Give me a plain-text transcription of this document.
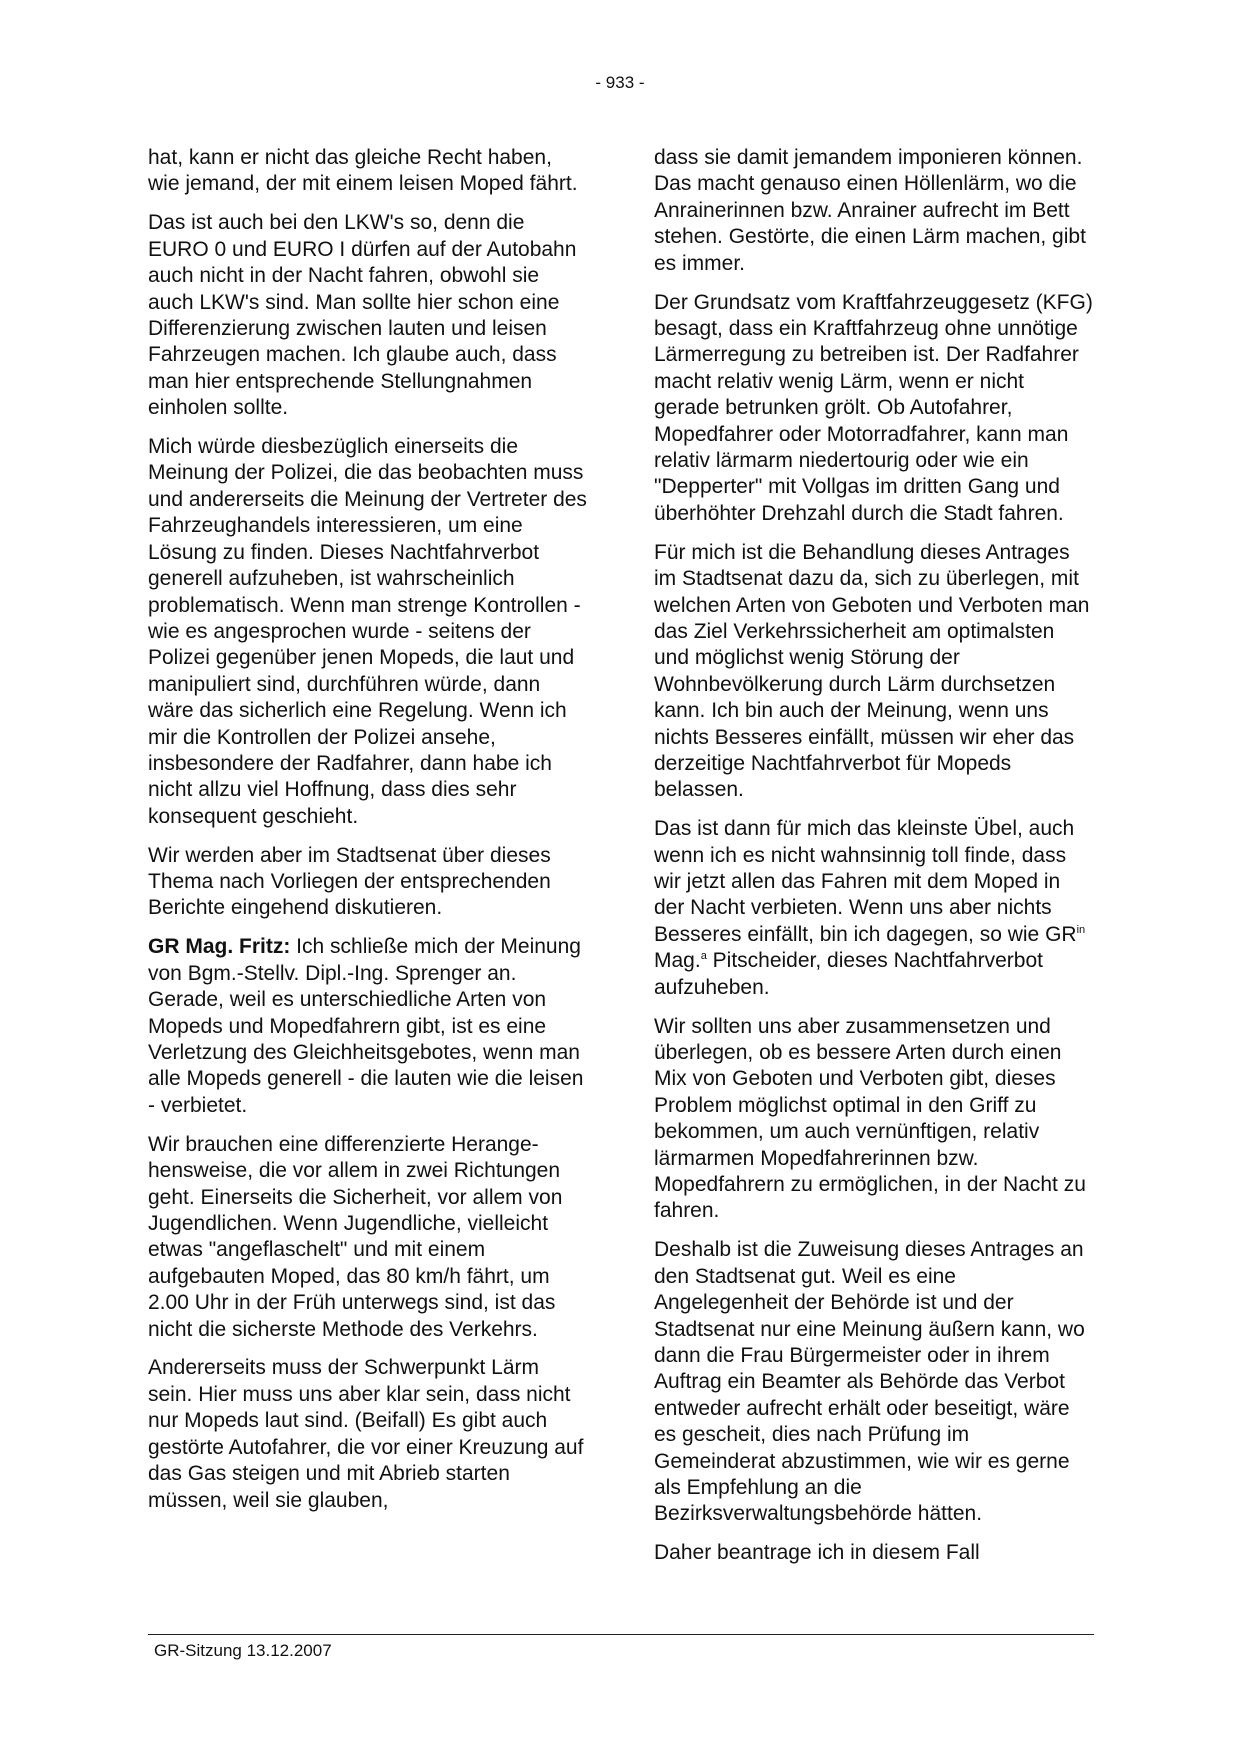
- 933 -

hat, kann er nicht das gleiche Recht haben, wie jemand, der mit einem leisen Moped fährt.

Das ist auch bei den LKW's so, denn die EURO 0 und EURO I dürfen auf der Autobahn auch nicht in der Nacht fahren, obwohl sie auch LKW's sind. Man sollte hier schon eine Differenzierung zwischen lauten und leisen Fahrzeugen machen. Ich glaube auch, dass man hier entsprechende Stellungnahmen einholen sollte.

Mich würde diesbezüglich einerseits die Meinung der Polizei, die das beobachten muss und andererseits die Meinung der Vertreter des Fahrzeughandels interessieren, um eine Lösung zu finden. Dieses Nachtfahrverbot generell aufzuheben, ist wahrscheinlich problematisch. Wenn man strenge Kontrollen - wie es angesprochen wurde - seitens der Polizei gegenüber jenen Mopeds, die laut und manipuliert sind, durchführen würde, dann wäre das sicherlich eine Regelung. Wenn ich mir die Kontrollen der Polizei ansehe, insbesondere der Radfahrer, dann habe ich nicht allzu viel Hoffnung, dass dies sehr konsequent geschieht.

Wir werden aber im Stadtsenat über dieses Thema nach Vorliegen der entsprechenden Berichte eingehend diskutieren.

GR Mag. Fritz: Ich schließe mich der Meinung von Bgm.-Stellv. Dipl.-Ing. Sprenger an. Gerade, weil es unterschiedliche Arten von Mopeds und Mopedfahrern gibt, ist es eine Verletzung des Gleichheitsgebotes, wenn man alle Mopeds generell - die lauten wie die leisen - verbietet.

Wir brauchen eine differenzierte Herangehensweise, die vor allem in zwei Richtungen geht. Einerseits die Sicherheit, vor allem von Jugendlichen. Wenn Jugendliche, vielleicht etwas "angeflaschelt" und mit einem aufgebauten Moped, das 80 km/h fährt, um 2.00 Uhr in der Früh unterwegs sind, ist das nicht die sicherste Methode des Verkehrs.

Andererseits muss der Schwerpunkt Lärm sein. Hier muss uns aber klar sein, dass nicht nur Mopeds laut sind. (Beifall) Es gibt auch gestörte Autofahrer, die vor einer Kreuzung auf das Gas steigen und mit Abrieb starten müssen, weil sie glauben,

dass sie damit jemandem imponieren können. Das macht genauso einen Höllenlärm, wo die Anrainerinnen bzw. Anrainer aufrecht im Bett stehen. Gestörte, die einen Lärm machen, gibt es immer.

Der Grundsatz vom Kraftfahrzeuggesetz (KFG) besagt, dass ein Kraftfahrzeug ohne unnötige Lärmerregung zu betreiben ist. Der Radfahrer macht relativ wenig Lärm, wenn er nicht gerade betrunken grölt. Ob Autofahrer, Mopedfahrer oder Motorradfahrer, kann man relativ lärmarm niedertourig oder wie ein "Depperter" mit Vollgas im dritten Gang und überhöhter Drehzahl durch die Stadt fahren.

Für mich ist die Behandlung dieses Antrages im Stadtsenat dazu da, sich zu überlegen, mit welchen Arten von Geboten und Verboten man das Ziel Verkehrssicherheit am optimalsten und möglichst wenig Störung der Wohnbevölkerung durch Lärm durchsetzen kann. Ich bin auch der Meinung, wenn uns nichts Besseres einfällt, müssen wir eher das derzeitige Nachtfahrverbot für Mopeds belassen.

Das ist dann für mich das kleinste Übel, auch wenn ich es nicht wahnsinnig toll finde, dass wir jetzt allen das Fahren mit dem Moped in der Nacht verbieten. Wenn uns aber nichts Besseres einfällt, bin ich dagegen, so wie $GR^{in}$ Mag.$^a$ Pitscheider, dieses Nachtfahrverbot aufzuheben.

Wir sollten uns aber zusammensetzen und überlegen, ob es bessere Arten durch einen Mix von Geboten und Verboten gibt, dieses Problem möglichst optimal in den Griff zu bekommen, um auch vernünftigen, relativ lärmarmen Mopedfahrerinnen bzw. Mopedfahrern zu ermöglichen, in der Nacht zu fahren.

Deshalb ist die Zuweisung dieses Antrages an den Stadtsenat gut. Weil es eine Angelegenheit der Behörde ist und der Stadtsenat nur eine Meinung äußern kann, wo dann die Frau Bürgermeister oder in ihrem Auftrag ein Beamter als Behörde das Verbot entweder aufrecht erhält oder beseitigt, wäre es gescheit, dies nach Prüfung im Gemeinderat abzustimmen, wie wir es gerne als Empfehlung an die Bezirksverwaltungsbehörde hätten.

Daher beantrage ich in diesem Fall

GR-Sitzung 13.12.2007
